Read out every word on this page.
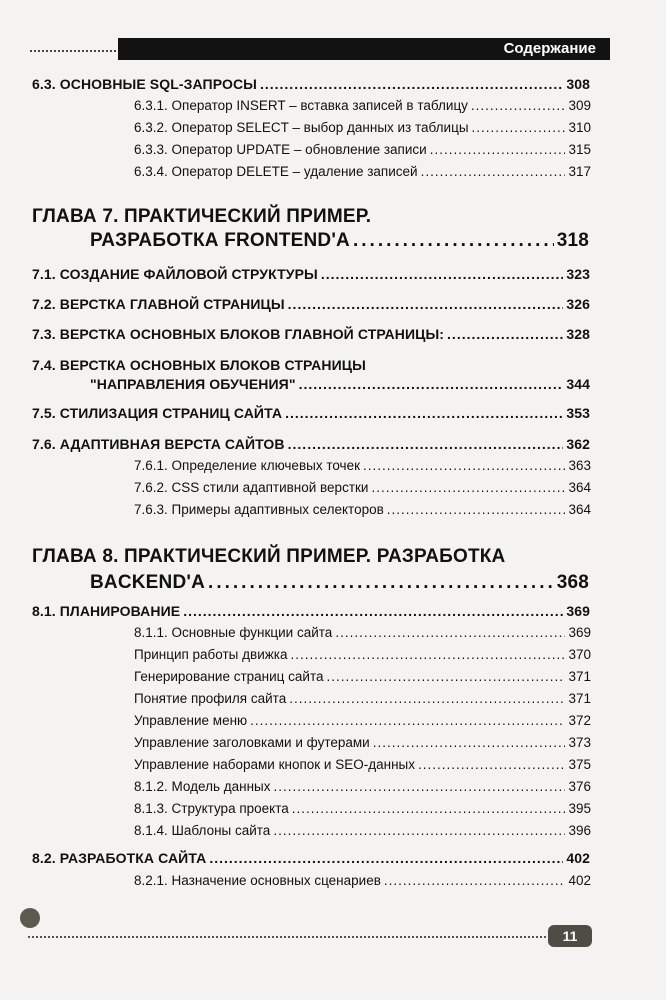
Содержание
6.3. ОСНОВНЫЕ SQL-ЗАПРОСЫ .....	308
6.3.1. Оператор INSERT – вставка записей в таблицу .....	309
6.3.2. Оператор SELECT – выбор данных из таблицы .....	310
6.3.3. Оператор UPDATE – обновление записи .....	315
6.3.4. Оператор DELETE – удаление записей .....	317
ГЛАВА 7. ПРАКТИЧЕСКИЙ ПРИМЕР.
РАЗРАБОТКА FRONTEND'A .....	318
7.1. СОЗДАНИЕ ФАЙЛОВОЙ СТРУКТУРЫ .....	323
7.2. ВЕРСТКА ГЛАВНОЙ СТРАНИЦЫ .....	326
7.3. ВЕРСТКА ОСНОВНЫХ БЛОКОВ ГЛАВНОЙ СТРАНИЦЫ: .....	328
7.4. ВЕРСТКА ОСНОВНЫХ БЛОКОВ СТРАНИЦЫ
"НАПРАВЛЕНИЯ ОБУЧЕНИЯ" .....	344
7.5. СТИЛИЗАЦИЯ СТРАНИЦ САЙТА .....	353
7.6. АДАПТИВНАЯ ВЕРСТА САЙТОВ .....	362
7.6.1. Определение ключевых точек .....	363
7.6.2. CSS стили адаптивной верстки .....	364
7.6.3. Примеры адаптивных селекторов .....	364
ГЛАВА 8. ПРАКТИЧЕСКИЙ ПРИМЕР. РАЗРАБОТКА
BACKEND'A .....	368
8.1. ПЛАНИРОВАНИЕ .....	369
8.1.1. Основные функции сайта .....	369
Принцип работы движка .....	370
Генерирование страниц сайта .....	371
Понятие профиля сайта .....	371
Управление меню .....	372
Управление заголовками и футерами .....	373
Управление наборами кнопок и SEO-данных .....	375
8.1.2. Модель данных .....	376
8.1.3. Структура проекта .....	395
8.1.4. Шаблоны сайта .....	396
8.2. РАЗРАБОТКА САЙТА .....	402
8.2.1. Назначение основных сценариев .....	402
11
